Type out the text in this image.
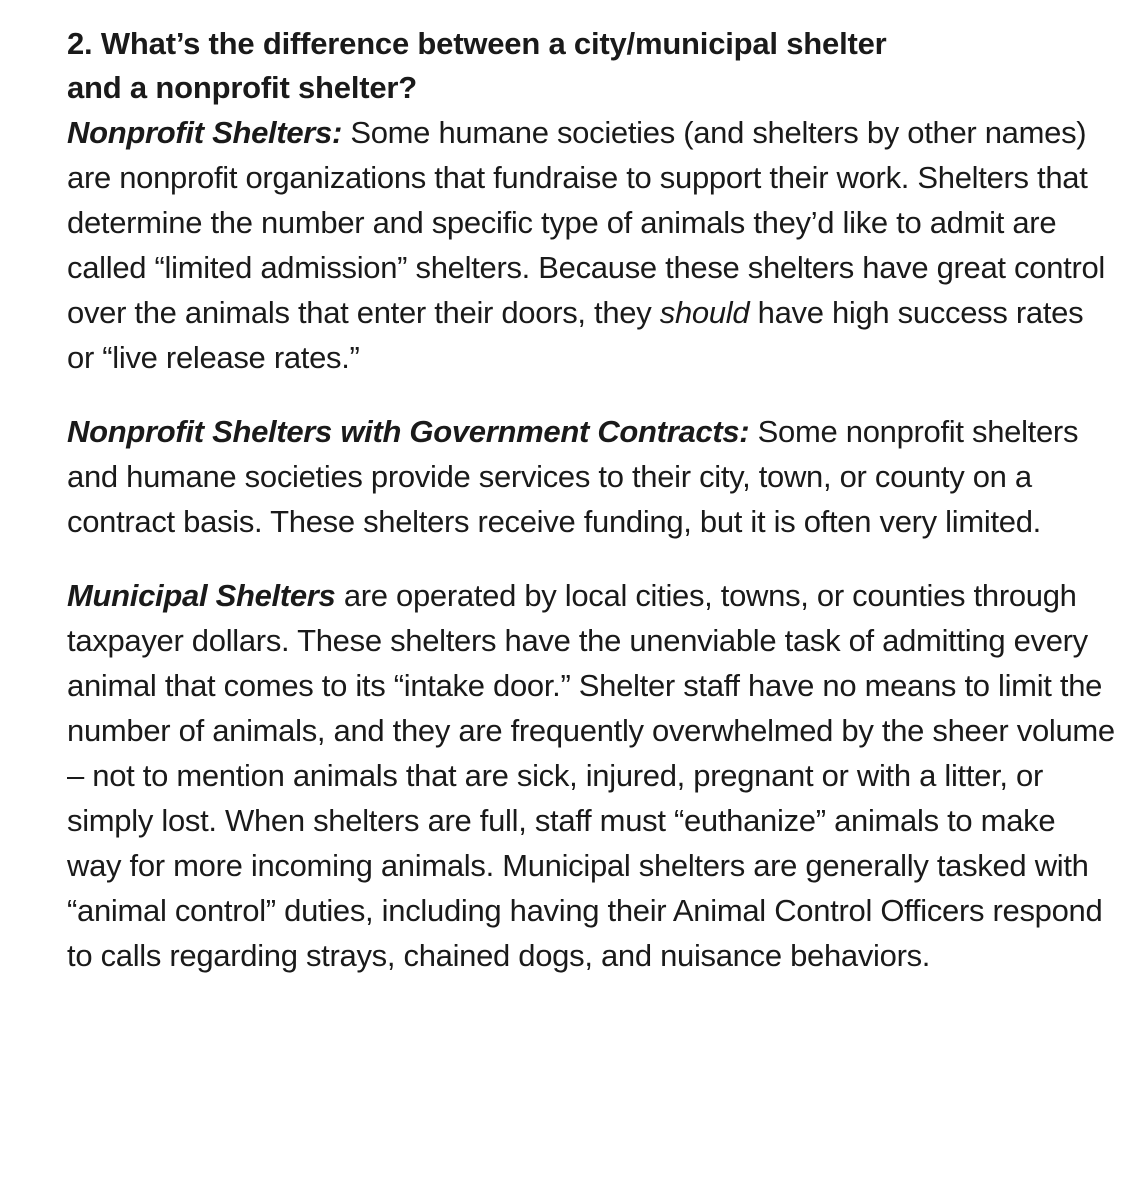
2. What’s the difference between a city/municipal shelter
and a nonprofit shelter?

Nonprofit Shelters: Some humane societies (and shelters by other names) are nonprofit organizations that fundraise to support their work. Shelters that determine the number and specific type of animals they’d like to admit are called “limited admission” shelters. Because these shelters have great control over the animals that enter their doors, they should have high success rates or “live release rates.”

Nonprofit Shelters with Government Contracts: Some nonprofit shelters and humane societies provide services to their city, town, or county on a contract basis. These shelters receive funding, but it is often very limited.

Municipal Shelters are operated by local cities, towns, or counties through taxpayer dollars. These shelters have the unenviable task of admitting every animal that comes to its “intake door.” Shelter staff have no means to limit the number of animals, and they are frequently overwhelmed by the sheer volume – not to mention animals that are sick, injured, pregnant or with a litter, or simply lost. When shelters are full, staff must “euthanize” animals to make way for more incoming animals. Municipal shelters are generally tasked with “animal control” duties, including having their Animal Control Officers respond to calls regarding strays, chained dogs, and nuisance behaviors.
